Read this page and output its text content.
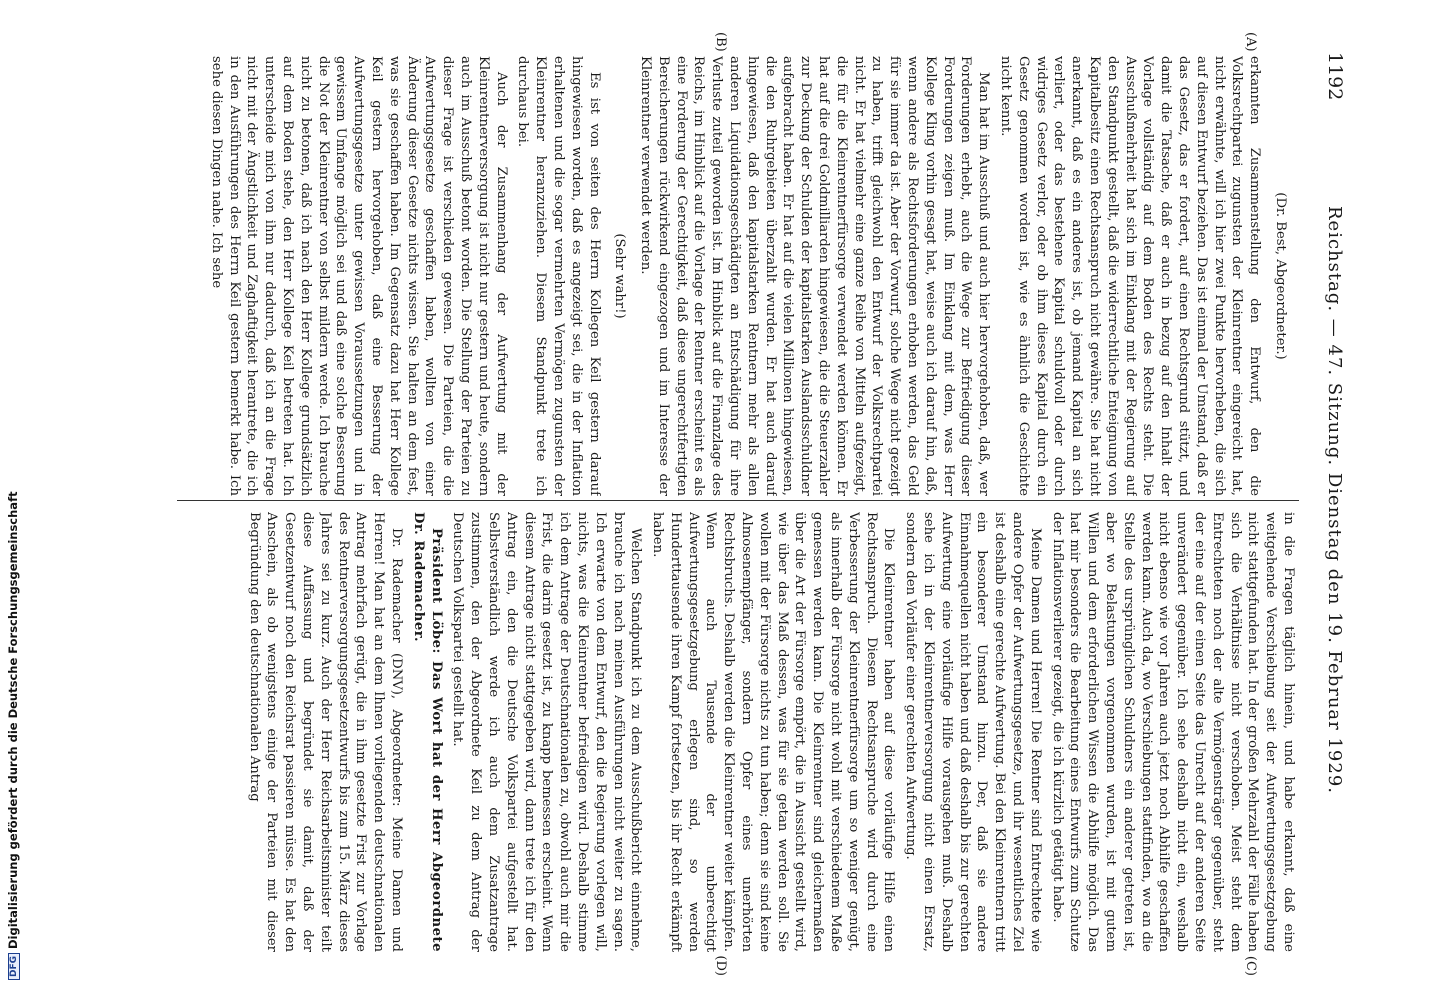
1192
Reichstag. — 47. Sitzung. Dienstag den 19. Februar 1929.
(A)
(B)
(C)
(D)

(Dr. Best, Abgeordneter.)

erkannten Zusammenstellung den Entwurf, den die Volksrechtpartei zugunsten der Kleinrentner eingereicht hat, nicht erwähnte, will ich hier zwei Punkte hervorheben, die sich auf diesen Entwurf beziehen. Das ist einmal der Umstand, daß er das Gesetz, das er fordert, auf einen Rechtsgrund stützt, und damit die Tatsache, daß er auch in bezug auf den Inhalt der Vorlage vollständig auf dem Boden des Rechts steht. Die Ausschußmehrheit hat sich im Einklang mit der Regierung auf den Standpunkt gestellt, daß die widerrechtliche Enteignung von Kapitalbesitz einen Rechtsanspruch nicht gewähre. Sie hat nicht anerkannt, daß es ein anderes ist, ob jemand Kapital an sich verliert, oder das bestehene Kapital schuldvoll oder durch widriges Gesetz verlor, oder ob ihm dieses Kapital durch ein Gesetz genommen worden ist, wie es ähnlich die Geschichte nicht kennt.

Man hat im Ausschuß und auch hier hervorgehoben, daß, wer Forderungen erhebt, auch die Wege zur Befriedigung dieser Forderungen zeigen muß. Im Einklang mit dem, was Herr Kollege Kling vorhin gesagt hat, weise auch ich darauf hin, daß, wenn andere als Rechtsforderungen erhoben werden, das Geld für sie immer da ist. Aber der Vorwurf, solche Wege nicht gezeigt zu haben, trifft gleichwohl den Entwurf der Volksrechtpartei nicht. Er hat vielmehr eine ganze Reihe von Mitteln aufgezeigt, die für die Kleinrentnerfürsorge verwendet werden können. Er hat auf die drei Goldmilliarden hingewiesen, die die Steuerzahler zur Deckung der Schulden der kapitalstarken Auslandsschuldner aufgebracht haben. Er hat auf die vielen Millionen hingewiesen, die den Ruhrgebieten überzahlt wurden. Er hat auch darauf hingewiesen, daß den kapitalstarken Rentnern mehr als allen anderen Liquidationsgeschädigten an Entschädigung für ihre Verluste zuteil geworden ist. Im Hinblick auf die Finanzlage des Reichs, im Hinblick auf die Vorlage der Rentner erscheint es als eine Forderung der Gerechtigkeit, daß diese ungerechtfertigten Bereicherungen rückwirkend eingezogen und im Interesse der Kleinrentner verwendet werden.

(Sehr wahr!)

Es ist von seiten des Herrn Kollegen Keil gestern darauf hingewiesen worden, daß es angezeigt sei, die in der Inflation erhaltenen und die sogar vermehrten Vermögen zugunsten der Kleinrentner heranzuziehen. Diesem Standpunkt trete ich durchaus bei.

Auch der Zusammenhang der Aufwertung mit der Kleinrentnerversorgung ist nicht nur gestern und heute, sondern auch im Ausschuß betont worden. Die Stellung der Parteien zu dieser Frage ist verschieden gewesen. Die Parteien, die die Aufwertungsgesetze geschaffen haben, wollten von einer Änderung dieser Gesetze nichts wissen. Sie halten an dem fest, was sie geschaffen haben. Im Gegensatz dazu hat Herr Kollege Keil gestern hervorgehoben, daß eine Besserung der Aufwertungsgesetze unter gewissen Voraussetzungen und in gewissem Umfange möglich sei und daß eine solche Besserung die Not der Kleinrentner von selbst mildern werde. Ich brauche nicht zu betonen, daß ich nach den Herr Kollege grundsätzlich auf dem Boden stehe, den Herr Kollege Keil betreten hat. Ich unterscheide mich von ihm nur dadurch, daß ich an die Frage nicht mit der Ängstlichkeit und Zaghaftigkeit herantrete, die ich in den Ausführungen des Herrn Keil gestern bemerkt habe. Ich sehe diesen Dingen nahe. Ich sehe

in die Fragen täglich hinein, und habe erkannt, daß eine weitgehende Verschiebung seit der Aufwertungsgesetzgebung nicht stattgefunden hat. In der großen Mehrzahl der Fälle haben sich die Verhältnisse nicht verschoben. Meist steht dem Entrechteten noch der alte Vermögensträger gegenüber, steht der eine auf der einen Seite das Unrecht auf der anderen Seite unverändert gegenüber. Ich sehe deshalb nicht ein, weshalb nicht ebenso wie vor Jahren auch jetzt noch Abhilfe geschaffen werden kann. Auch da, wo Verschiebungen stattfinden, wo an die Stelle des ursprünglichen Schuldners ein anderer getreten ist, aber wo Belastungen vorgenommen wurden, ist mit gutem Willen und dem erforderlichen Wissen die Abhilfe möglich. Das hat mir besonders die Bearbeitung eines Entwurfs zum Schutze der Inflationsverlierer gezeigt, die ich kürzlich getätigt habe.

Meine Damen und Herren! Die Rentner sind Entrechtete wie andere Opfer der Aufwertungsgesetze, und ihr wesentliches Ziel ist deshalb eine gerechte Aufwertung. Bei den Kleinrentnern tritt ein besonderer Umstand hinzu. Der, daß sie andere Einnahmequellen nicht haben und daß deshalb bis zur gerechten Aufwertung eine vorläufige Hilfe vorausgehen muß. Deshalb sehe ich in der Kleinrentnerversorgung nicht einen Ersatz, sondern den Vorläufer einer gerechten Aufwertung.

Die Kleinrentner haben auf diese vorläufige Hilfe einen Rechtsanspruch. Diesem Rechtsanspruche wird durch eine Verbesserung der Kleinrentnerfürsorge um so weniger genügt, als innerhalb der Fürsorge nicht wohl mit verschiedenem Maße gemessen werden kann. Die Kleinrentner sind gleichermaßen über die Art der Fürsorge empört, die in Aussicht gestellt wird, wie über das Maß dessen, was für sie getan werden soll. Sie wollen mit der Fürsorge nichts zu tun haben; denn sie sind keine Almosenempfänger, sondern Opfer eines unerhörten Rechtsbruchs. Deshalb werden die Kleinrentner weiter kämpfen. Wenn auch Tausende der unberechtigt Aufwertungsgesetzgebung erlegen sind, so werden Hunderttausende ihren Kampf fortsetzen, bis ihr Recht erkämpft haben.

Welchen Standpunkt ich zu dem Ausschußbericht einnehme, brauche ich nach meinen Ausführungen nicht weiter zu sagen. Ich erwarte von dem Entwurf, den die Regierung vorlegen will, nichts, was die Kleinrentner befriedigen wird. Deshalb stimme ich dem Antrage der Deutschnationalen zu, obwohl auch mir die Frist, die darin gesetzt ist, zu knapp bemessen erscheint. Wenn diesem Antrage nicht stattgegeben wird, dann trete ich für den Antrag ein, den die Deutsche Volkspartei aufgestellt hat. Selbstverständlich werde ich auch dem Zusatzantrage zustimmen, den der Abgeordnete Keil zu dem Antrag der Deutschen Volkspartei gestellt hat.

Präsident Löbe: Das Wort hat der Herr Abgeordnete Dr. Rademacher.

Dr. Rademacher (DNV), Abgeordneter: Meine Damen und Herren! Man hat an dem Ihnen vorliegenden deutschnationalen Antrag mehrfach gerügt, die in ihm gesetzte Frist zur Vorlage des Rentnerversorgungsgesetzentwurfs bis zum 15. März dieses Jahres sei zu kurz. Auch der Herr Reichsarbeitsminister teilt diese Auffassung und begründet sie damit, daß der Gesetzentwurf noch den Reichsrat passieren müsse. Es hat den Anschein, als ob wenigstens einige der Parteien mit dieser Begründung den deutschnationalen Antrag

DFGDigitalisierung gefördert durch die Deutsche Forschungsgemeinschaft
